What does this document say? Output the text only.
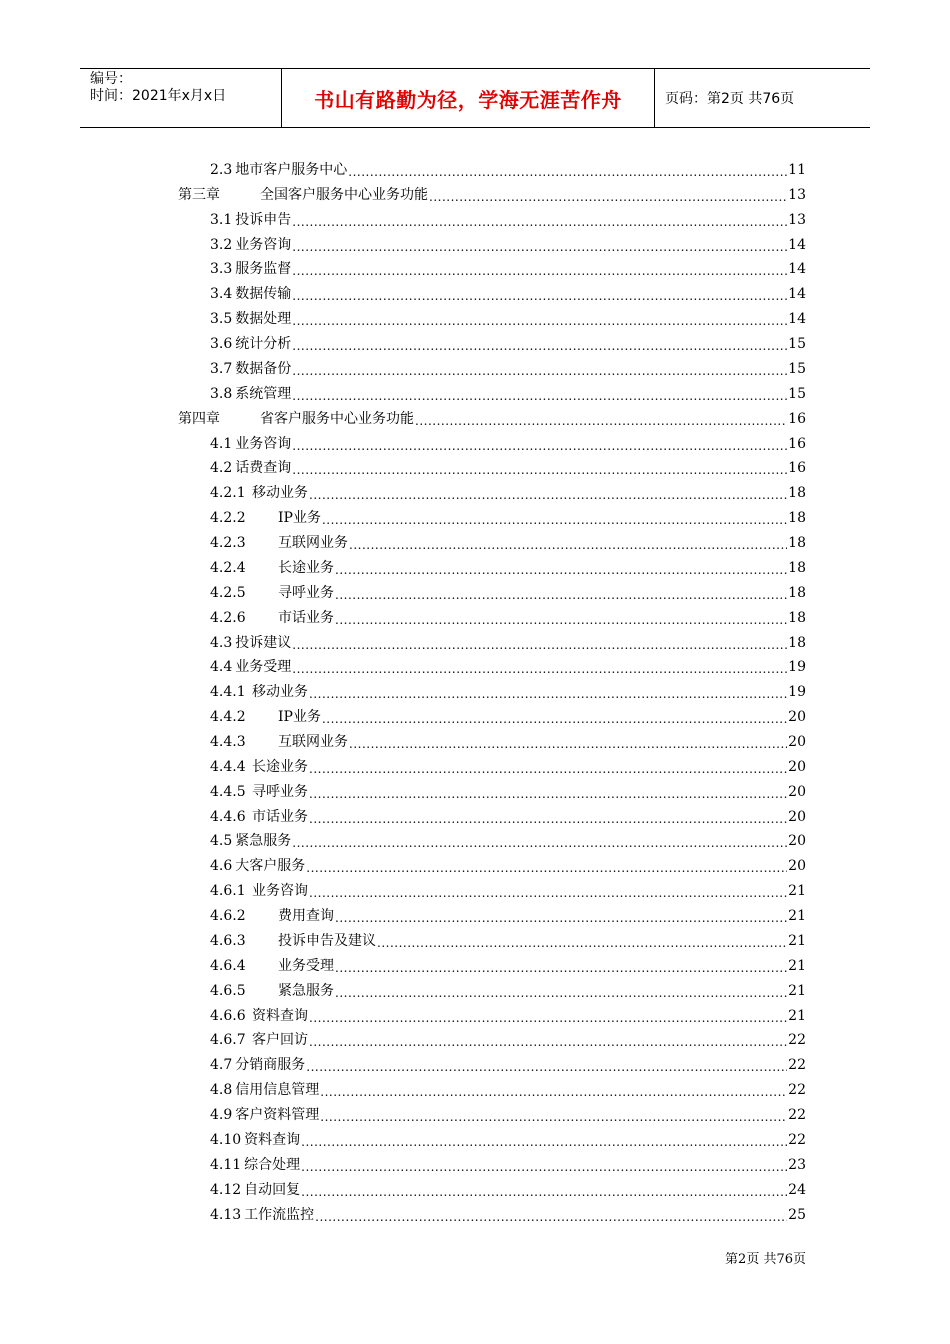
编号：
时间：2021年x月x日	书山有路勤为径，学海无涯苦作舟	页码：第2页 共76页
2.3 地市客户服务中心 .....	11
第三章	全国客户服务中心业务功能 .....	13
3.1 投诉申告 .....	13
3.2 业务咨询 .....	14
3.3 服务监督 .....	14
3.4 数据传输 .....	14
3.5 数据处理 .....	14
3.6 统计分析 .....	15
3.7 数据备份 .....	15
3.8 系统管理 .....	15
第四章	省客户服务中心业务功能 .....	16
4.1 业务咨询 .....	16
4.2 话费查询 .....	16
4.2.1 移动业务 .....	18
4.2.2	IP业务 .....	18
4.2.3	互联网业务 .....	18
4.2.4	长途业务 .....	18
4.2.5	寻呼业务 .....	18
4.2.6	市话业务 .....	18
4.3 投诉建议 .....	18
4.4 业务受理 .....	19
4.4.1 移动业务 .....	19
4.4.2	IP业务 .....	20
4.4.3	互联网业务 .....	20
4.4.4 长途业务 .....	20
4.4.5 寻呼业务 .....	20
4.4.6 市话业务 .....	20
4.5 紧急服务 .....	20
4.6 大客户服务 .....	20
4.6.1 业务咨询 .....	21
4.6.2	费用查询 .....	21
4.6.3	投诉申告及建议 .....	21
4.6.4	业务受理 .....	21
4.6.5	紧急服务 .....	21
4.6.6 资料查询 .....	21
4.6.7 客户回访 .....	22
4.7 分销商服务 .....	22
4.8 信用信息管理 .....	22
4.9 客户资料管理 .....	22
4.10 资料查询 .....	22
4.11 综合处理 .....	23
4.12 自动回复 .....	24
4.13 工作流监控 .....	25
第2页 共76页
